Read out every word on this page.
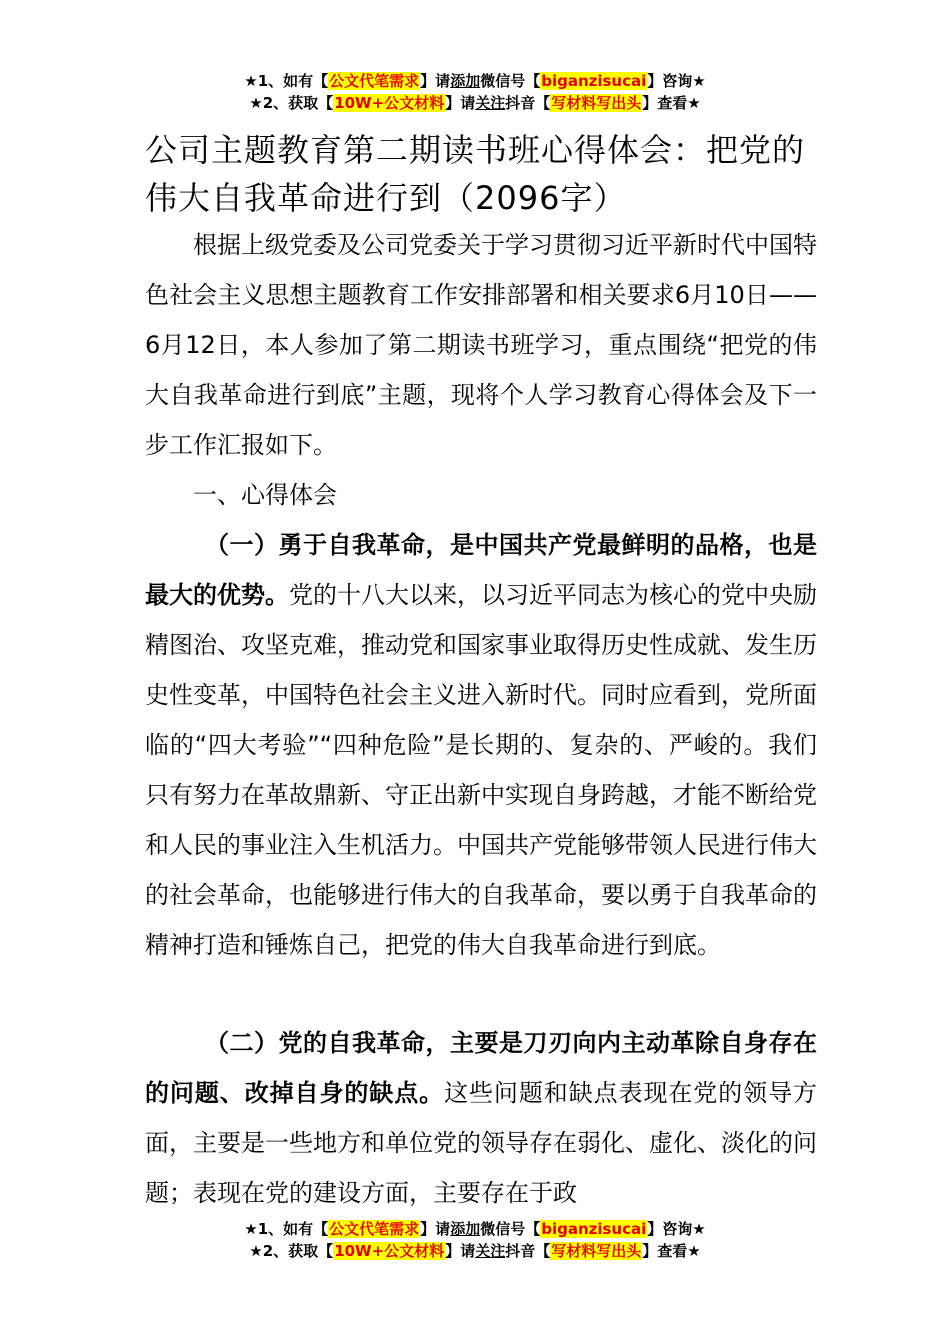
★1、如有【公文代笔需求】请添加微信号【biganzisucai】咨询★
★2、获取【10W+公文材料】请关注抖音【写材料写出头】查看★
公司主题教育第二期读书班心得体会：把党的伟大自我革命进行到（2096字）
根据上级党委及公司党委关于学习贯彻习近平新时代中国特色社会主义思想主题教育工作安排部署和相关要求6月10日——6月12日，本人参加了第二期读书班学习，重点围绕“把党的伟大自我革命进行到底”主题，现将个人学习教育心得体会及下一步工作汇报如下。
一、心得体会
（一）勇于自我革命，是中国共产党最鲜明的品格，也是最大的优势。党的十八大以来，以习近平同志为核心的党中央励精图治、攻坚克难，推动党和国家事业取得历史性成就、发生历史性变革，中国特色社会主义进入新时代。同时应看到，党所面临的“四大考验”“四种危险”是长期的、复杂的、严峻的。我们只有努力在革故鼎新、守正出新中实现自身跨越，才能不断给党和人民的事业注入生机活力。中国共产党能够带领人民进行伟大的社会革命，也能够进行伟大的自我革命，要以勇于自我革命的精神打造和锤炼自己，把党的伟大自我革命进行到底。
（二）党的自我革命，主要是刀刃向内主动革除自身存在的问题、改掉自身的缺点。这些问题和缺点表现在党的领导方面，主要是一些地方和单位党的领导存在弱化、虚化、淡化的问题；表现在党的建设方面，主要存在于政
★1、如有【公文代笔需求】请添加微信号【biganzisucai】咨询★
★2、获取【10W+公文材料】请关注抖音【写材料写出头】查看★
